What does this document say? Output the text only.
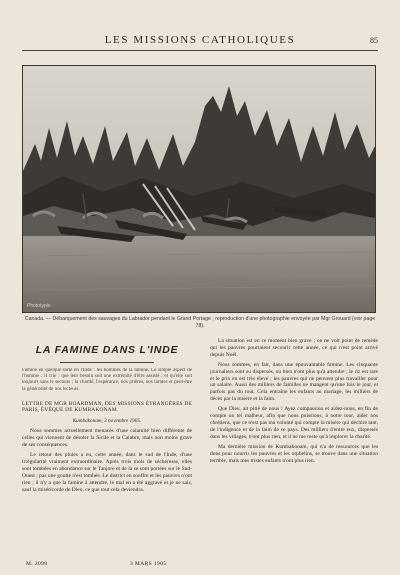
LES MISSIONS CATHOLIQUES	85
Phototypie
Canada. — Débarquement des sauvages du Labrador pendant le Grand Portage ; reproduction d'une photographie envoyée par Mgr Grouard (voir page 78).
LA FAMINE DANS L'INDE

Famine en quelque sorte en l'Inde : les hommes de la famine. Le simple aspect de l'homme : il crie : que leur besoin soit une extrémité d'être assisté ; et qu'elle soit toujours sans le secours ; la charité, l'espérance, nos prières, nos larmes et peut-être la générosité de nos lecteurs.

LETTRE DE MGR BOARDMAN, DES MISSIONS ÉTRANGÈRES DE PARIS, ÉVÊQUE DE KUMBAKONAM.

Kumbakonam, 3 novembre 1905.

Nous sommes actuellement menacés d'une calamité bien différente de celles qui viennent de désoler la Sicile et la Calabre, mais non moins grave de ses conséquences.

Le retour des pluies a eu, cette année, dans le sud de l'Inde, d'une irrégularité vraiment extraordinaire. Après trois mois de sécheresse, elles sont tombées en abondance sur le Tanjore et de là se sont portées sur le Sud-Ouest ; pas une goutte n'est tombée. Le district en souffre et les pauvres n'ont rien ; il n'y a que la famine à attendre, le mal en a été aggravé et je ne sais, sauf la miséricorde de Dieu, ce que tout cela deviendra.

La situation est en ce moment bien grave ; on ne voit point de remède qui les pauvres pourraient secourir cette année, ce qui n'est point arrivé depuis Noël.

Nous sommes, en fait, dans une épouvantable famine. Les cinquante journaliers sont ou dispersés, ou bien n'ont plus qu'à attendre ; le riz est rare et le prix en est très élevé ; les pauvres qui ne peuvent plus travailler pour un salaire. Aussi des milliers de familles ne mangent qu'une fois le jour, et parfois pas du tout. Cela entraîne les enfants au mariage, les milliers de décès par la misère et la faim.

Que Dieu, ait pitié de nous ! Ayez compassion et aidez-nous, en fin de compte un tel malheur, afin que nous puissions, à notre tour, aider nos chrétiens, que ce n'est pas ma volonté qui compte la misère qui déchire tant, de l'indigence et de la faim de ce pays. Des milliers d'entre eux, dispersés dans les villages, n'ont plus rien, et il ne me reste qu'à implorer la charité.

Ma dernière mission de Kumbakonam, qui n'a de ressources que les dons pour nourrir les pauvres et les orphelins, se trouve dans une situation terrible, mais mes tristes enfants n'ont plus rien.

M. 2098	3 MARS 1905
